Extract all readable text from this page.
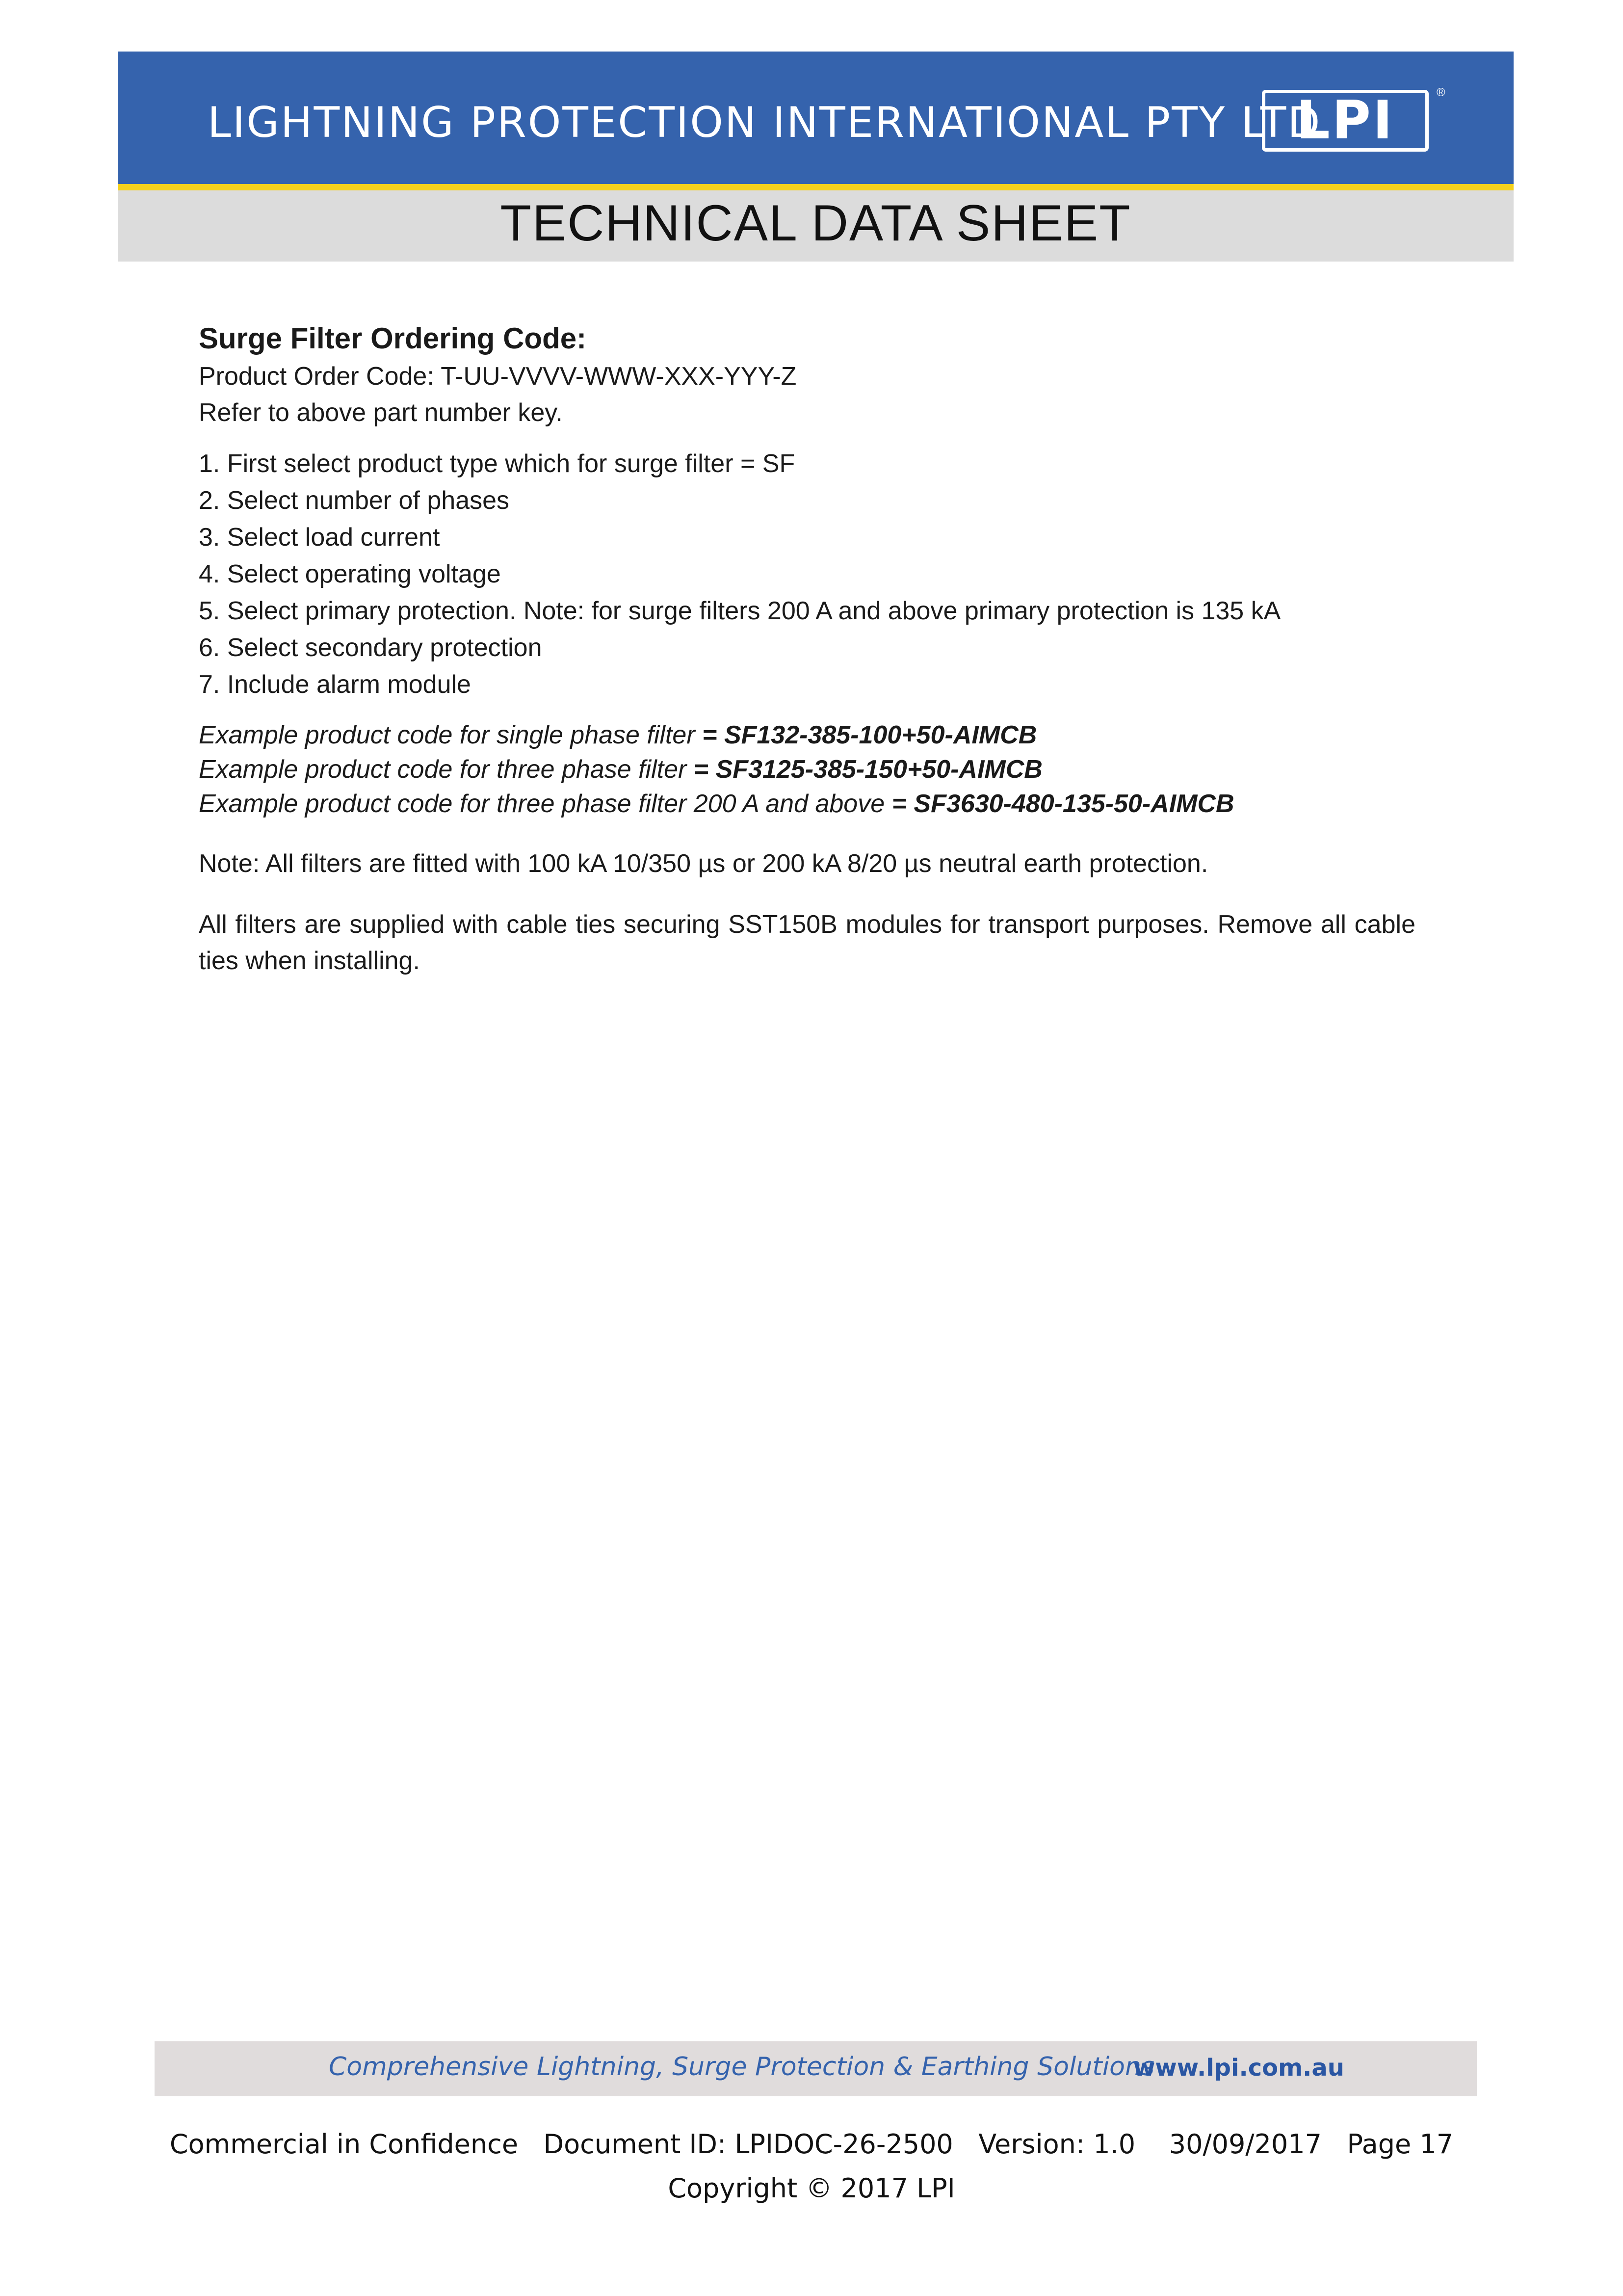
LIGHTNING PROTECTION INTERNATIONAL PTY LTD
LPI	®
TECHNICAL DATA SHEET

Surge Filter Ordering Code:

Product Order Code: T-UU-VVVV-WWW-XXX-YYY-Z

Refer to above part number key.

1. First select product type which for surge filter = SF
2. Select number of phases
3. Select load current
4. Select operating voltage
5. Select primary protection. Note: for surge filters 200 A and above primary protection is 135 kA
6. Select secondary protection
7. Include alarm module

Example product code for single phase filter = SF132-385-100+50-AIMCB

Example product code for three phase filter = SF3125-385-150+50-AIMCB

Example product code for three phase filter 200 A and above = SF3630-480-135-50-AIMCB

Note: All filters are fitted with 100 kA 10/350 µs or 200 kA 8/20 µs neutral earth protection.

All filters are supplied with cable ties securing SST150B modules for transport purposes. Remove all cable ties when installing.

Comprehensive Lightning, Surge Protection & Earthing Solutions
www.lpi.com.au
Commercial in Confidence   Document ID: LPIDOC-26-2500   Version: 1.0    30/09/2017   Page 17
Copyright © 2017 LPI
